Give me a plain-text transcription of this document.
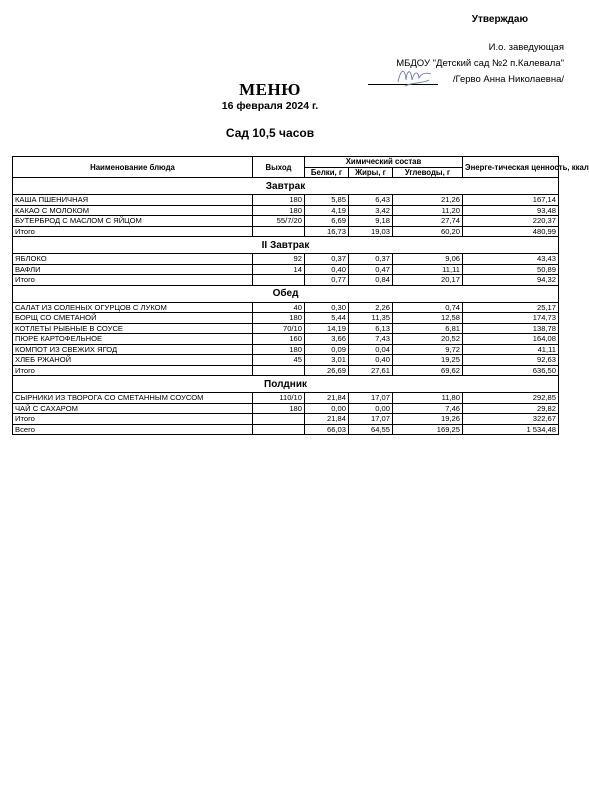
Утверждаю
И.о. заведующая
МБДОУ "Детский сад №2 п.Калевала"
/Герво Анна Николаевна/
МЕНЮ
16 февраля 2024 г.
Сад 10,5 часов
Наименование блюда	Выход	Химический состав			Энерге-тическая ценность, ккал
		Белки, г	Жиры, г	Углеводы, г	
Завтрак					
КАША ПШЕНИЧНАЯ	180	5,85	6,43	21,26	167,14
КАКАО С МОЛОКОМ	180	4,19	3,42	11,20	93,48
БУТЕРБРОД С МАСЛОМ С ЯЙЦОМ	55/7/20	6,69	9,18	27,74	220,37
Итого		16,73	19,03	60,20	480,99
II Завтрак					
ЯБЛОКО	92	0,37	0,37	9,06	43,43
ВАФЛИ	14	0,40	0,47	11,11	50,89
Итого		0,77	0,84	20,17	94,32
Обед					
САЛАТ ИЗ СОЛЕНЫХ ОГУРЦОВ С ЛУКОМ	40	0,30	2,26	0,74	25,17
БОРЩ СО СМЕТАНОЙ	180	5,44	11,35	12,58	174,73
КОТЛЕТЫ РЫБНЫЕ В СОУСЕ	70/10	14,19	6,13	6,81	138,78
ПЮРЕ КАРТОФЕЛЬНОЕ	160	3,66	7,43	20,52	164,08
КОМПОТ ИЗ СВЕЖИХ ЯГОД	180	0,09	0,04	9,72	41,11
ХЛЕБ РЖАНОЙ	45	3,01	0,40	19,25	92,63
Итого		26,69	27,61	69,62	636,50
Полдник					
СЫРНИКИ ИЗ ТВОРОГА СО СМЕТАННЫМ СОУСОМ	110/10	21,84	17,07	11,80	292,85
ЧАЙ С САХАРОМ	180	0,00	0,00	7,46	29,82
Итого		21,84	17,07	19,26	322,67
Всего		66,03	64,55	169,25	1 534,48
